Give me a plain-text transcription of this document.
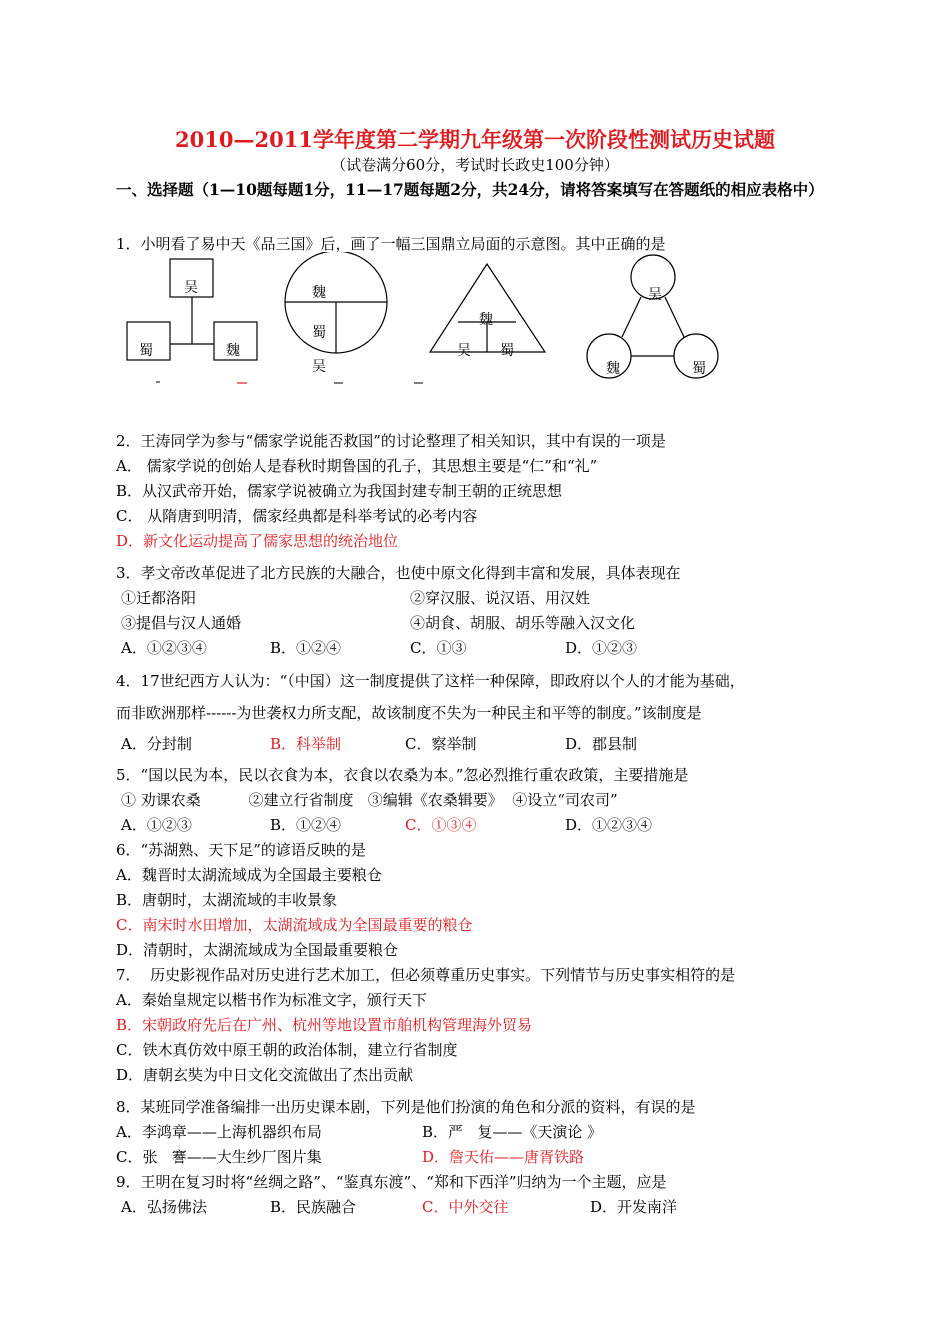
2010—2011学年度第二学期九年级第一次阶段性测试历史试题
（试卷满分60分，考试时长政史100分钟）
一、选择题（1—10题每题1分，11—17题每题2分，共24分，请将答案填写在答题纸的相应表格中）
1．小明看了易中天《品三国》后，画了一幅三国鼎立局面的示意图。其中正确的是
吴
蜀	魏
魏
蜀
吴
魏
吴 蜀
吴
魏	蜀
2．王涛同学为参与“儒家学说能否救国”的讨论整理了相关知识，其中有误的一项是
A． 儒家学说的创始人是春秋时期鲁国的孔子，其思想主要是“仁”和“礼”
B．从汉武帝开始，儒家学说被确立为我国封建专制王朝的正统思想
C． 从隋唐到明清，儒家经典都是科举考试的必考内容
D．新文化运动提高了儒家思想的统治地位
3．孝文帝改革促进了北方民族的大融合，也使中原文化得到丰富和发展，具体表现在
①迁都洛阳	②穿汉服、说汉语、用汉姓
③提倡与汉人通婚	④胡食、胡服、胡乐等融入汉文化
A．①②③④	B．①②④	C．①③	D．①②③
4．17世纪西方人认为：“（中国）这一制度提供了这样一种保障，即政府以个人的才能为基础，
而非欧洲那样------为世袭权力所支配，故该制度不失为一种民主和平等的制度。”该制度是
A．分封制	B．科举制	C．察举制	D．郡县制
5．“国以民为本，民以衣食为本，衣食以农桑为本。”忽必烈推行重农政策，主要措施是
① 劝课农桑          ②建立行省制度   ③编辑《农桑辑要》  ④设立“司农司”
A．①②③	B．①②④	C．①③④	D．①②③④
6．“苏湖熟、天下足”的谚语反映的是
A．魏晋时太湖流域成为全国最主要粮仓
B．唐朝时，太湖流域的丰收景象
C．南宋时水田增加，太湖流域成为全国最重要的粮仓
D．清朝时，太湖流域成为全国最重要粮仓
7．  历史影视作品对历史进行艺术加工，但必须尊重历史事实。下列情节与历史事实相符的是
A．秦始皇规定以楷书作为标准文字，颁行天下
B．宋朝政府先后在广州、杭州等地设置市舶机构管理海外贸易
C．铁木真仿效中原王朝的政治体制，建立行省制度
D．唐朝玄奘为中日文化交流做出了杰出贡献
8．某班同学准备编排一出历史课本剧，下列是他们扮演的角色和分派的资料，有误的是
A．李鸿章——上海机器织布局	B．严   复——《天演论 》
C．张   謇——大生纱厂图片集	D．詹天佑——唐胥铁路
9．王明在复习时将“丝绸之路”、“鉴真东渡”、“郑和下西洋”归纳为一个主题，应是
A．弘扬佛法	B．民族融合	C．中外交往	D．开发南洋
